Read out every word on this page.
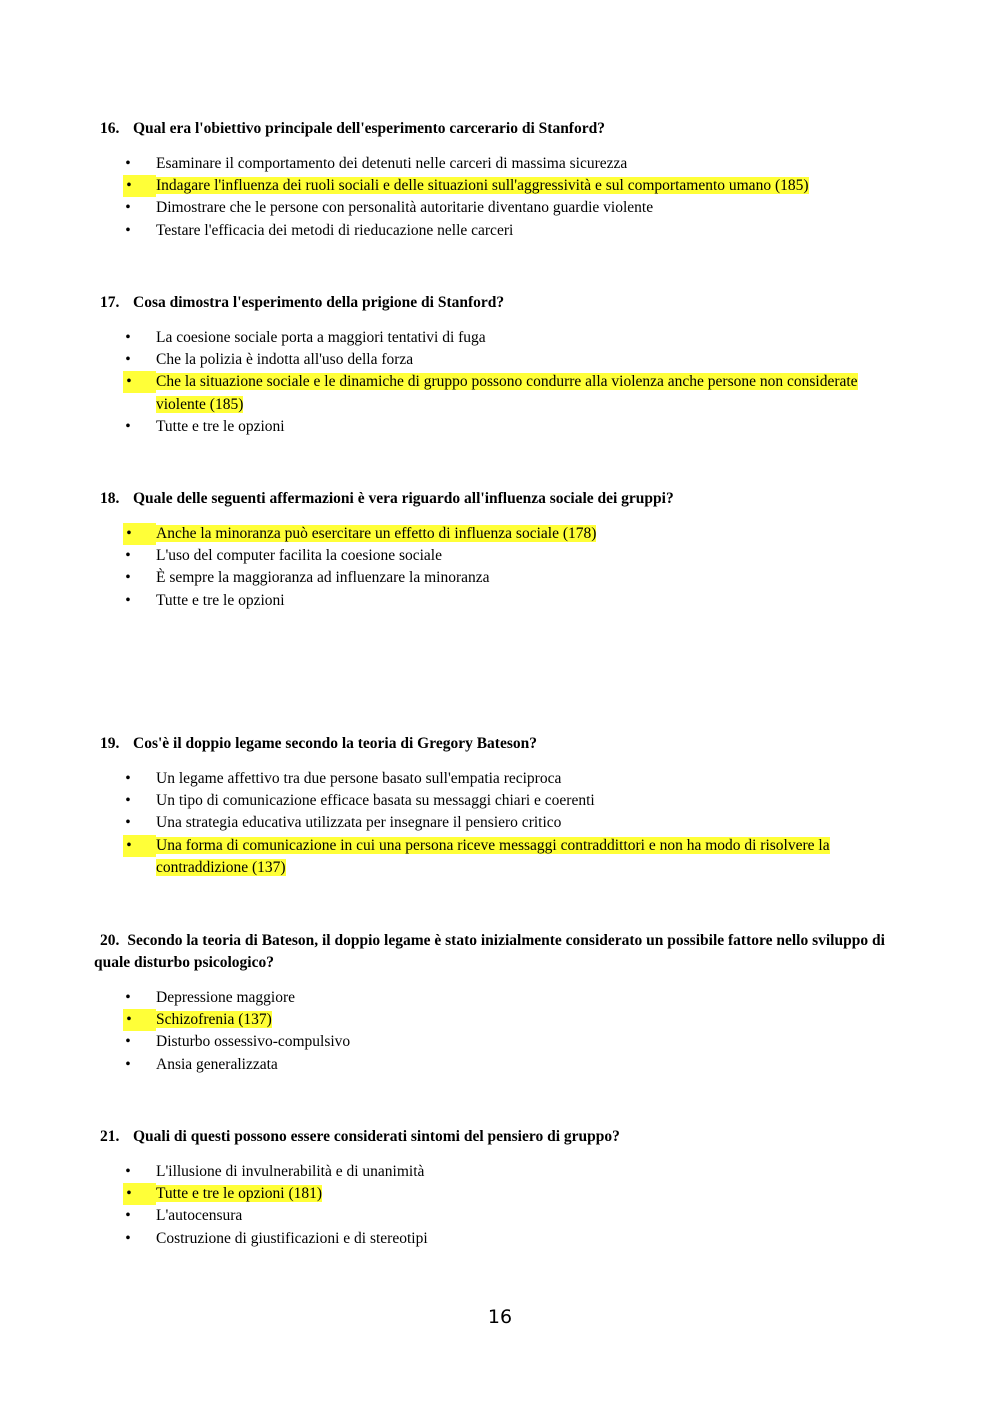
16. Qual era l'obiettivo principale dell'esperimento carcerario di Stanford?

• Esaminare il comportamento dei detenuti nelle carceri di massima sicurezza
• Indagare l'influenza dei ruoli sociali e delle situazioni sull'aggressività e sul comportamento umano (185)
• Dimostrare che le persone con personalità autoritarie diventano guardie violente
• Testare l'efficacia dei metodi di rieducazione nelle carceri

17. Cosa dimostra l'esperimento della prigione di Stanford?

• La coesione sociale porta a maggiori tentativi di fuga
• Che la polizia è indotta all'uso della forza
• Che la situazione sociale e le dinamiche di gruppo possono condurre alla violenza anche persone non considerate violente (185)
• Tutte e tre le opzioni

18. Quale delle seguenti affermazioni è vera riguardo all'influenza sociale dei gruppi?

• Anche la minoranza può esercitare un effetto di influenza sociale (178)
• L'uso del computer facilita la coesione sociale
• È sempre la maggioranza ad influenzare la minoranza
• Tutte e tre le opzioni

19. Cos'è il doppio legame secondo la teoria di Gregory Bateson?

• Un legame affettivo tra due persone basato sull'empatia reciproca
• Un tipo di comunicazione efficace basata su messaggi chiari e coerenti
• Una strategia educativa utilizzata per insegnare il pensiero critico
• Una forma di comunicazione in cui una persona riceve messaggi contraddittori e non ha modo di risolvere la contraddizione (137)

20. Secondo la teoria di Bateson, il doppio legame è stato inizialmente considerato un possibile fattore nello sviluppo di quale disturbo psicologico?

• Depressione maggiore
• Schizofrenia (137)
• Disturbo ossessivo-compulsivo
• Ansia generalizzata

21. Quali di questi possono essere considerati sintomi del pensiero di gruppo?

• L'illusione di invulnerabilità e di unanimità
• Tutte e tre le opzioni (181)
• L'autocensura
• Costruzione di giustificazioni e di stereotipi
16
